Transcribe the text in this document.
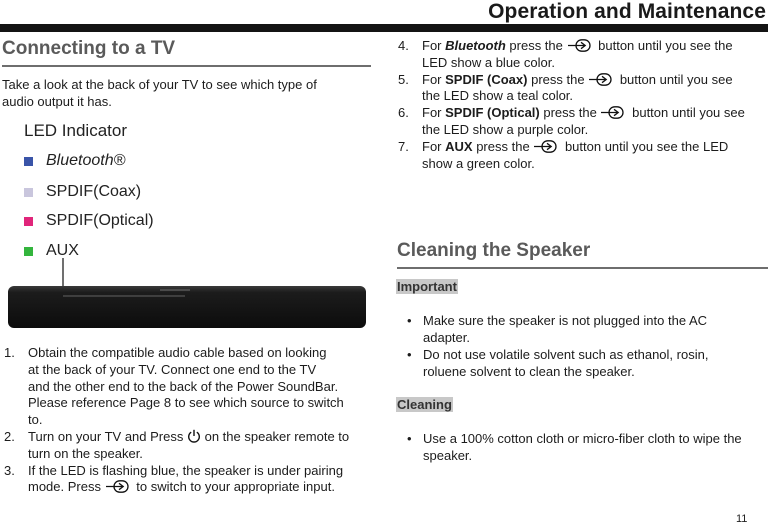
Operation and Maintenance
Connecting to a TV
Take a look at the back of your TV to see which type of
audio output it has.
LED Indicator
Bluetooth®
SPDIF(Coax)
SPDIF(Optical)
AUX
1. Obtain the compatible audio cable based on looking
at the back of your TV. Connect one end to the TV
and the other end to the back of the Power SoundBar.
Please reference Page 8 to see which source to switch
to.
2. Turn on your TV and Press on the speaker remote to
turn on the speaker.
3. If the LED is flashing blue, the speaker is under pairing
mode. Press	to switch to your appropriate input.
4. For Bluetooth press the	button until you see the
LED show a blue color.
5. For SPDIF (Coax) press the	button until you see
the LED show a teal color.
6. For SPDIF (Optical) press the	button until you see
the LED show a purple color.
7. For AUX press the	button until you see the LED
show a green color.
Cleaning the Speaker
Important
• Make sure the speaker is not plugged into the AC
adapter.
• Do not use volatile solvent such as ethanol, rosin,
roluene solvent to clean the speaker.
Cleaning
• Use a 100% cotton cloth or micro-fiber cloth to wipe the
speaker.
11
